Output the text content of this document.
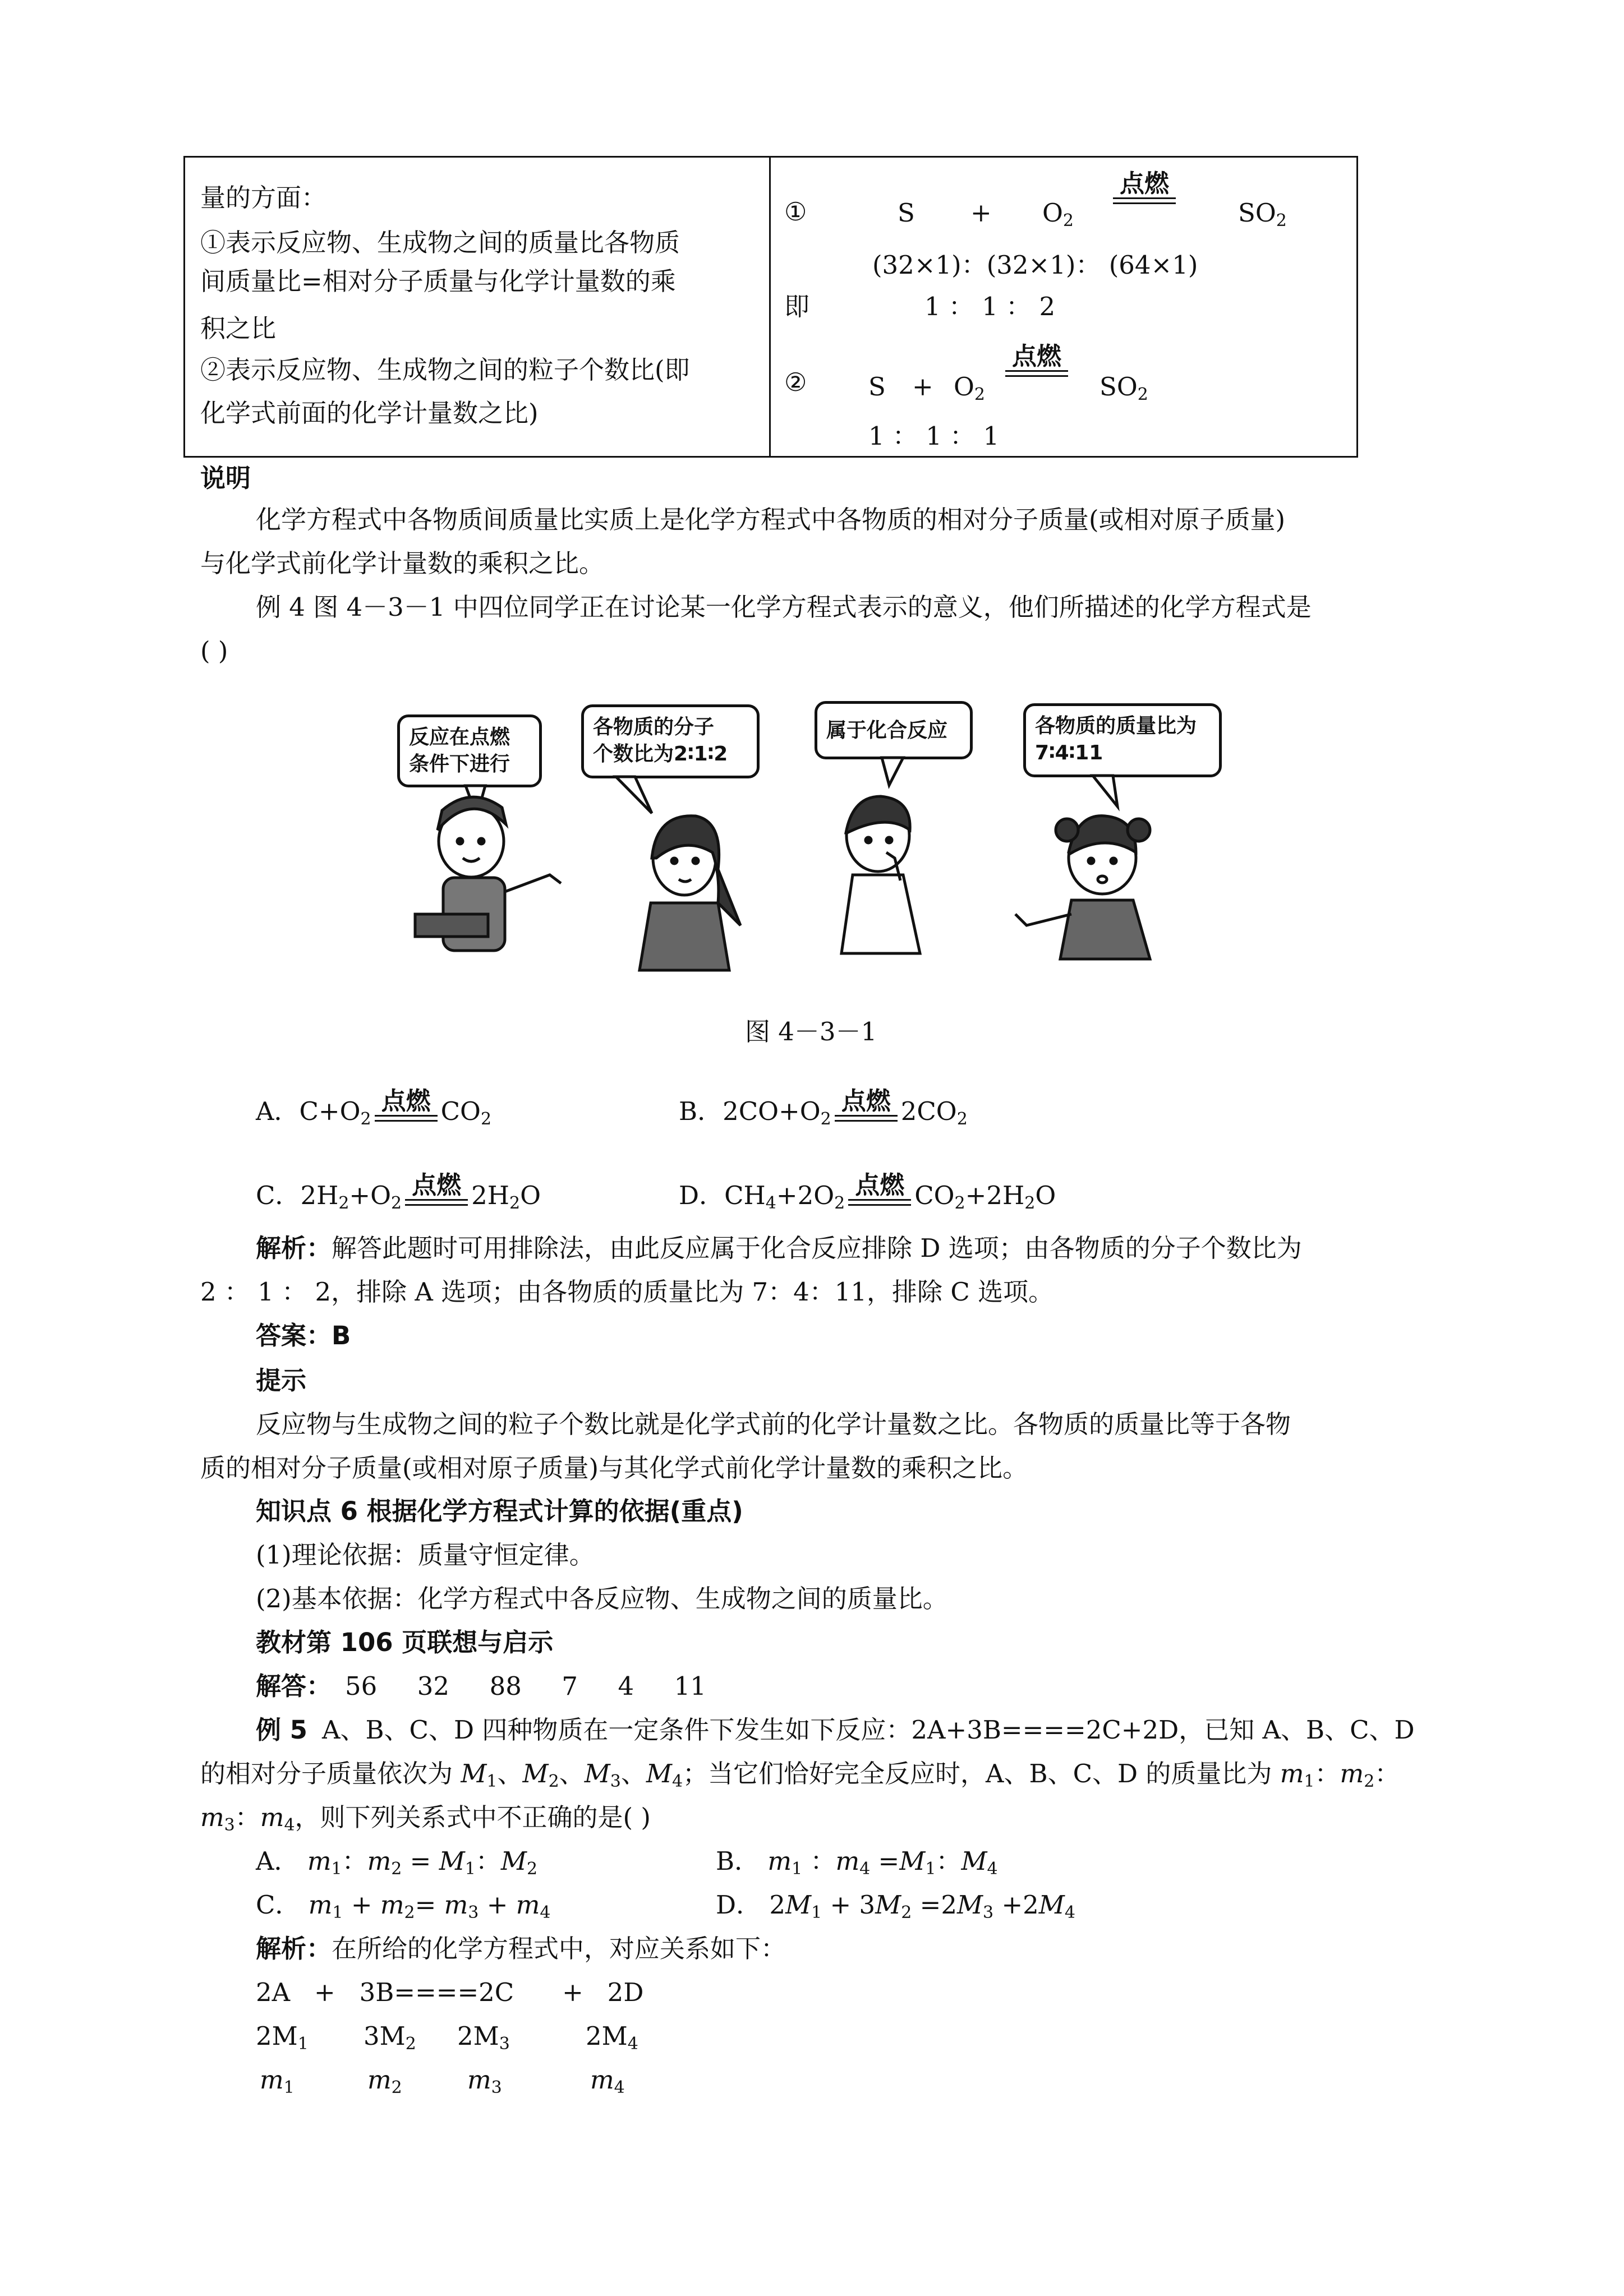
量的方面：
①表示反应物、生成物之间的质量比各物质
间质量比=相对分子质量与化学计量数的乘
积之比
②表示反应物、生成物之间的粒子个数比(即
化学式前面的化学计量数之比)
①	$S + O_2$
点燃
$SO_2$
(32×1)：(32×1)： (64×1)
即	1 ： 1 ： 2
② $S + O_2$
点燃
$SO_2$
1 ： 1 ： 1
说明
化学方程式中各物质间质量比实质上是化学方程式中各物质的相对分子质量(或相对原子质量)
与化学式前化学计量数的乘积之比。
例 4 图 4－3－1 中四位同学正在讨论某一化学方程式表示的意义，他们所描述的化学方程式是
( )
反应在点燃
条件下进行
各物质的分子
个数比为2∶1∶2
属于化合反应	各物质的质量比为
7∶4∶11
图 4－3－1
A．$C+O_2$
点燃 $CO_2$	B．$2CO+O_2$
点燃 $2CO_2$
C．$2H_2+O_2$
点燃 $2H_2O$	D．$CH_4+2O_2$
点燃 $CO_2+2H_2O$
解析：解答此题时可用排除法，由此反应属于化合反应排除 D 选项；由各物质的分子个数比为
2 ： 1 ： 2，排除 A 选项；由各物质的质量比为 7：4：11，排除 C 选项。
答案：B
提示
反应物与生成物之间的粒子个数比就是化学式前的化学计量数之比。各物质的质量比等于各物
质的相对分子质量(或相对原子质量)与其化学式前化学计量数的乘积之比。
知识点 6 根据化学方程式计算的依据(重点)
(1)理论依据：质量守恒定律。
(2)基本依据：化学方程式中各反应物、生成物之间的质量比。
教材第 106 页联想与启示
解答： 56     32     88     7     4     11
例 5 A、B、C、D 四种物质在一定条件下发生如下反应：2A+3B====2C+2D，已知 A、B、C、D
的相对分子质量依次为 $M_1$、$M_2$、$M_3$、$M_4$；当它们恰好完全反应时，A、B、C、D 的质量比为 $m_1$：$m_2$：
$m_3$：$m_4$，则下列关系式中不正确的是( )
A． $m_1$：$m_2 = M_1$：$M_2$	B． $m_1$ ：$m_4 =M_1$：$M_4$
C． $m_1 + m_2= m_3 + m_4$	D． $2M_1 + 3M_2 =2M_3 +2M_4$
解析：在所给的化学方程式中，对应关系如下：
2A   +   3B====2C      +   2D
$2M_1$ $3M_2$ $2M_3$	$2M_4$
$m_1$	$m_2$	$m_3$	$m_4$
